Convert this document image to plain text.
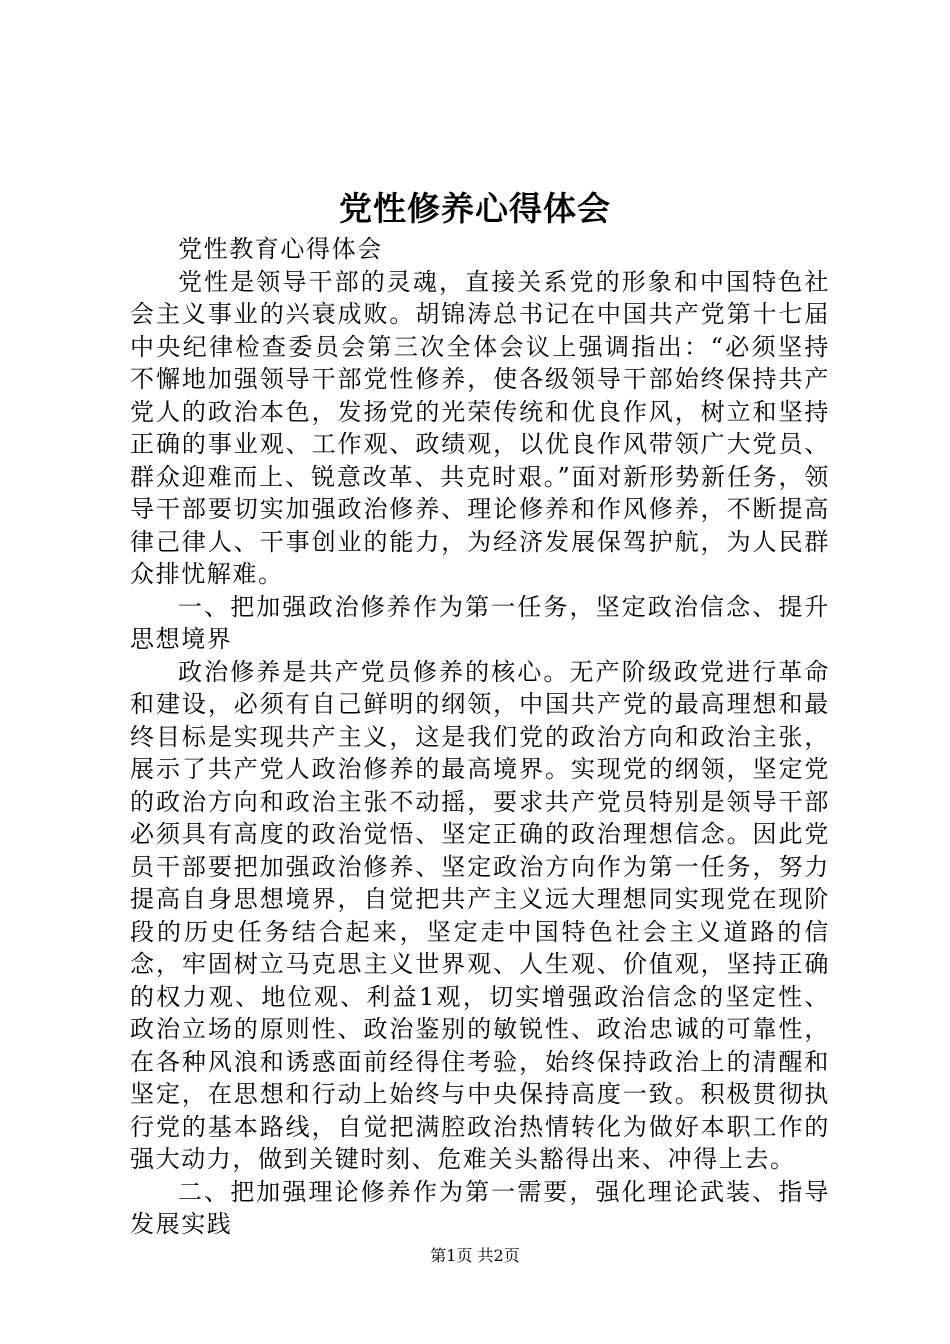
党性修养心得体会

党性教育心得体会

党性是领导干部的灵魂，直接关系党的形象和中国特色社会主义事业的兴衰成败。胡锦涛总书记在中国共产党第十七届中央纪律检查委员会第三次全体会议上强调指出：“必须坚持不懈地加强领导干部党性修养，使各级领导干部始终保持共产党人的政治本色，发扬党的光荣传统和优良作风，树立和坚持正确的事业观、工作观、政绩观，以优良作风带领广大党员、群众迎难而上、锐意改革、共克时艰。”面对新形势新任务，领导干部要切实加强政治修养、理论修养和作风修养，不断提高律己律人、干事创业的能力，为经济发展保驾护航，为人民群众排忧解难。

一、把加强政治修养作为第一任务，坚定政治信念、提升思想境界

政治修养是共产党员修养的核心。无产阶级政党进行革命和建设，必须有自己鲜明的纲领，中国共产党的最高理想和最终目标是实现共产主义，这是我们党的政治方向和政治主张，展示了共产党人政治修养的最高境界。实现党的纲领，坚定党的政治方向和政治主张不动摇，要求共产党员特别是领导干部必须具有高度的政治觉悟、坚定正确的政治理想信念。因此党员干部要把加强政治修养、坚定政治方向作为第一任务，努力提高自身思想境界，自觉把共产主义远大理想同实现党在现阶段的历史任务结合起来，坚定走中国特色社会主义道路的信念，牢固树立马克思主义世界观、人生观、价值观，坚持正确的权力观、地位观、利益1观，切实增强政治信念的坚定性、政治立场的原则性、政治鉴别的敏锐性、政治忠诚的可靠性，在各种风浪和诱惑面前经得住考验，始终保持政治上的清醒和坚定，在思想和行动上始终与中央保持高度一致。积极贯彻执行党的基本路线，自觉把满腔政治热情转化为做好本职工作的强大动力，做到关键时刻、危难关头豁得出来、冲得上去。

二、把加强理论修养作为第一需要，强化理论武装、指导发展实践

第1页 共2页
